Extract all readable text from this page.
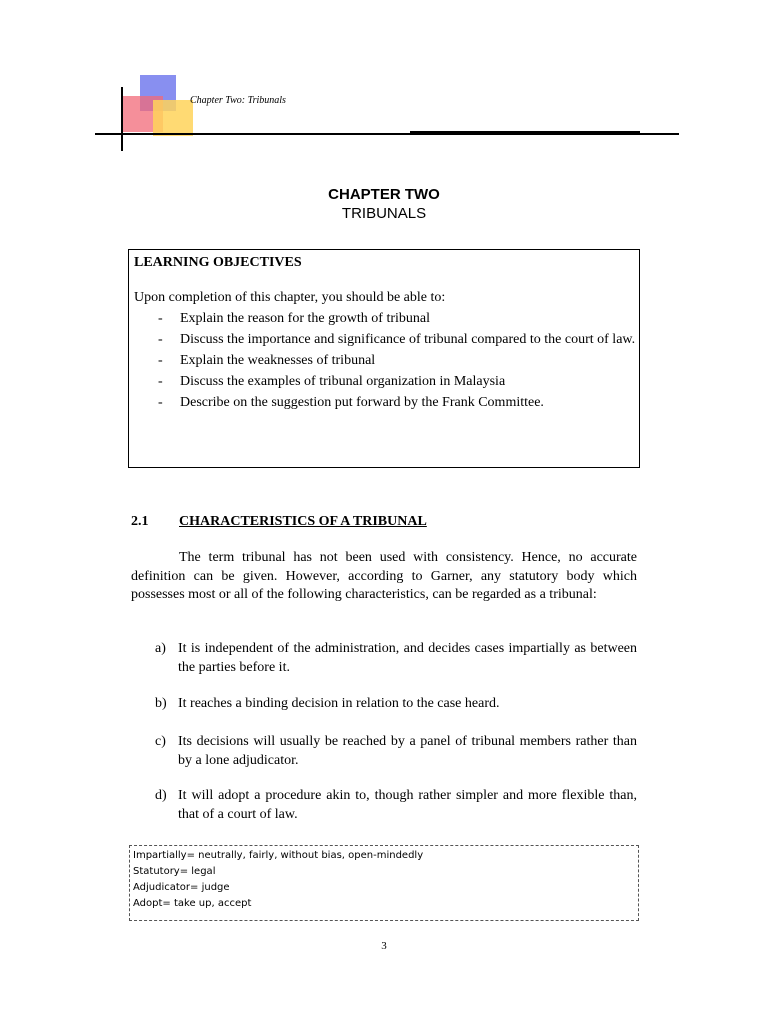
Chapter Two: Tribunals
CHAPTER TWO
TRIBUNALS
LEARNING OBJECTIVES
Upon completion of this chapter, you should be able to:
- Explain the reason for the growth of tribunal
- Discuss the importance and significance of tribunal compared to the court of law.
- Explain the weaknesses of tribunal
- Discuss the examples of tribunal organization in Malaysia
- Describe on the suggestion put forward by the Frank Committee.
2.1 CHARACTERISTICS OF A TRIBUNAL

The term tribunal has not been used with consistency. Hence, no accurate definition can be given. However, according to Garner, any statutory body which possesses most or all of the following characteristics, can be regarded as a tribunal:

a) It is independent of the administration, and decides cases impartially as between the parties before it.
b) It reaches a binding decision in relation to the case heard.
c) Its decisions will usually be reached by a panel of tribunal members rather than by a lone adjudicator.
d) It will adopt a procedure akin to, though rather simpler and more flexible than, that of a court of law.
Impartially= neutrally, fairly, without bias, open-mindedly
Statutory= legal
Adjudicator= judge
Adopt= take up, accept
3
